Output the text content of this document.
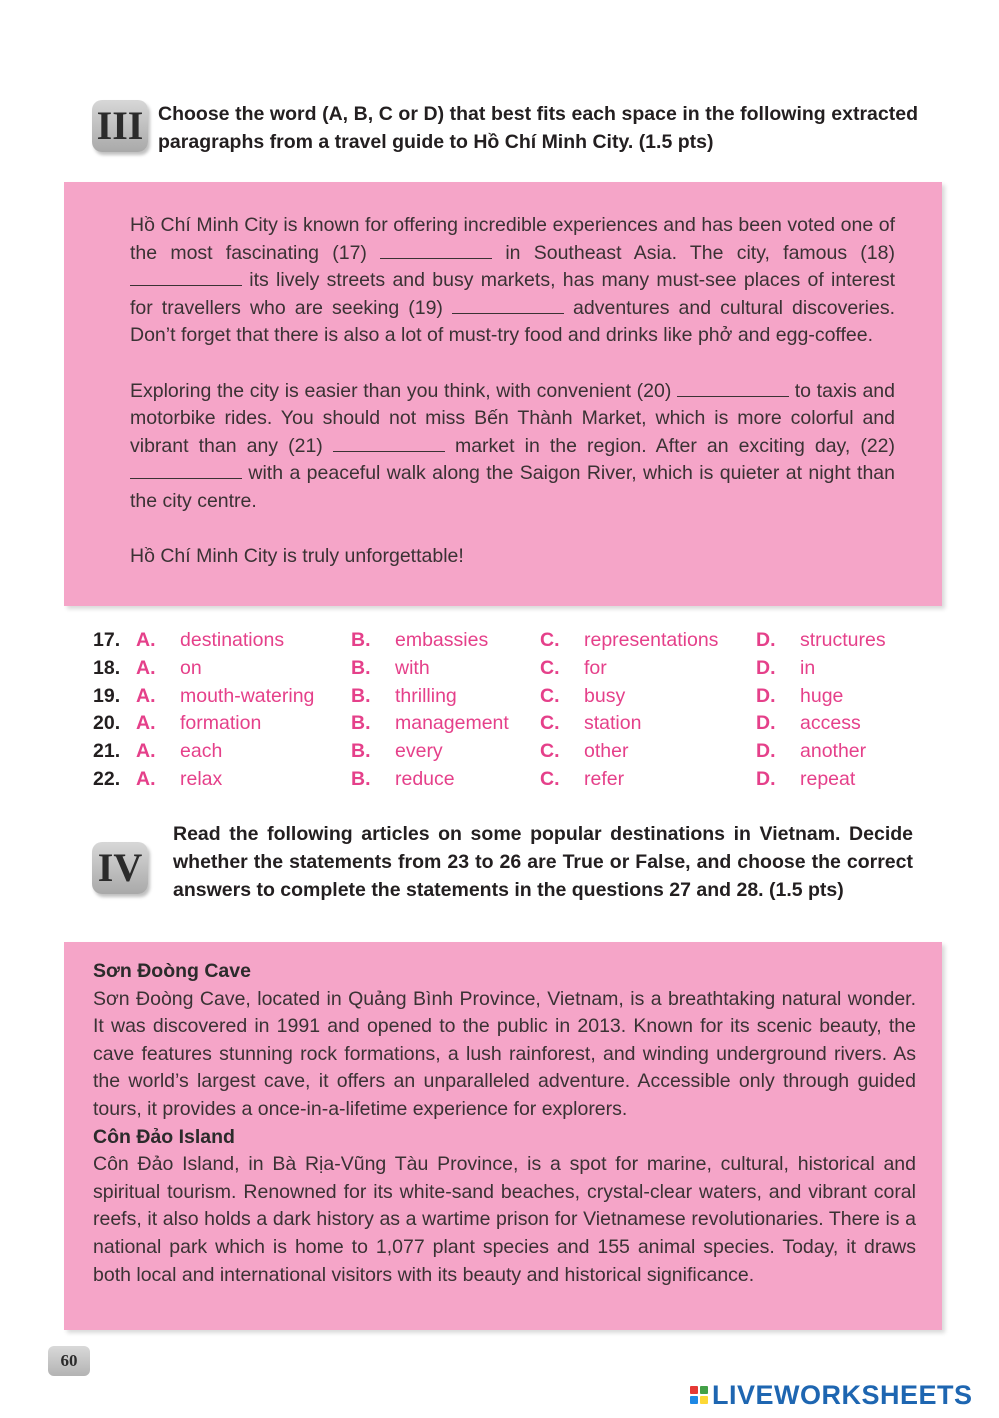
III Choose the word (A, B, C or D) that best fits each space in the following extracted paragraphs from a travel guide to Hồ Chí Minh City. (1.5 pts)

Hồ Chí Minh City is known for offering incredible experiences and has been voted one of the most fascinating (17)	in Southeast Asia. The city, famous (18)  its lively streets and busy markets, has many must-see places of interest for travellers who are seeking (19)	adventures and cultural discoveries. Don’t forget that there is also a lot of must-try food and drinks like phở and egg-coffee.

Exploring the city is easier than you think, with convenient (20)	to taxis and motorbike rides. You should not miss Bến Thành Market, which is more colorful and vibrant than any (21)	market in the region. After an exciting day, (22)  with a peaceful walk along the Saigon River, which is quieter at night than the city centre.

Hồ Chí Minh City is truly unforgettable!

17. A. destinations	B. embassies	C. representations D. structures
18. A. on	B. with	C. for	D. in
19. A. mouth-watering B. thrilling	C. busy	D. huge
20. A. formation	B. management C. station	D. access
21. A. each	B. every	C. other	D. another
22. A. relax	B. reduce	C. refer	D. repeat
IV
Read the following articles on some popular destinations in Vietnam. Decide whether the statements from 23 to 26 are True or False, and choose the correct answers to complete the statements in the questions 27 and 28. (1.5 pts)
Sơn Đoòng Cave

Sơn Đoòng Cave, located in Quảng Bình Province, Vietnam, is a breathtaking natural wonder. It was discovered in 1991 and opened to the public in 2013. Known for its scenic beauty, the cave features stunning rock formations, a lush rainforest, and winding underground rivers. As the world’s largest cave, it offers an unparalleled adventure. Accessible only through guided tours, it provides a once-in-a-lifetime experience for explorers.

Côn Đảo Island

Côn Đảo Island, in Bà Rịa-Vũng Tàu Province, is a spot for marine, cultural, historical and spiritual tourism. Renowned for its white-sand beaches, crystal-clear waters, and vibrant coral reefs, it also holds a dark history as a wartime prison for Vietnamese revolutionaries. There is a national park which is home to 1,077 plant species and 155 animal species. Today, it draws both local and international visitors with its beauty and historical significance.

60
LIVEWORKSHEETS
